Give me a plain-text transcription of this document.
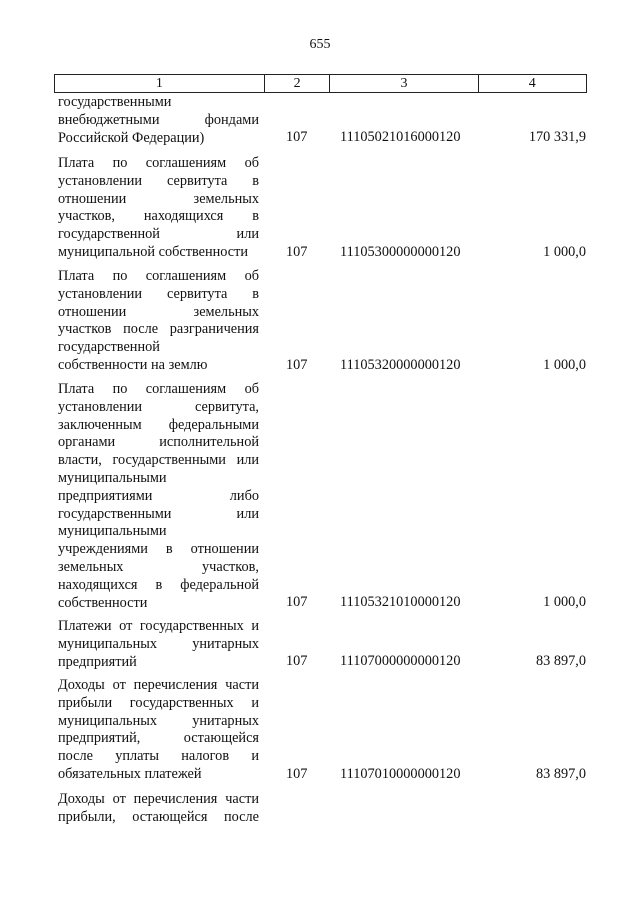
655
1	2	3	4
государственными
внебюджетными фондами
Российской Федерации)	107	11105021016000120	170 331,9
Плата по соглашениям об
установлении сервитута в
отношении земельных
участков, находящихся в
государственной или
муниципальной собственности	107	11105300000000120	1 000,0
Плата по соглашениям об
установлении сервитута в
отношении земельных
участков после разграничения
государственной
собственности на землю	107	11105320000000120	1 000,0
Плата по соглашениям об
установлении сервитута,
заключенным федеральными
органами исполнительной
власти, государственными или
муниципальными
предприятиями либо
государственными или
муниципальными
учреждениями в отношении
земельных участков,
находящихся в федеральной
собственности	107	11105321010000120	1 000,0
Платежи от государственных и
муниципальных унитарных
предприятий	107	11107000000000120	83 897,0
Доходы от перечисления части
прибыли государственных и
муниципальных унитарных
предприятий, остающейся
после уплаты налогов и
обязательных платежей	107	11107010000000120	83 897,0
Доходы от перечисления части
прибыли, остающейся после
